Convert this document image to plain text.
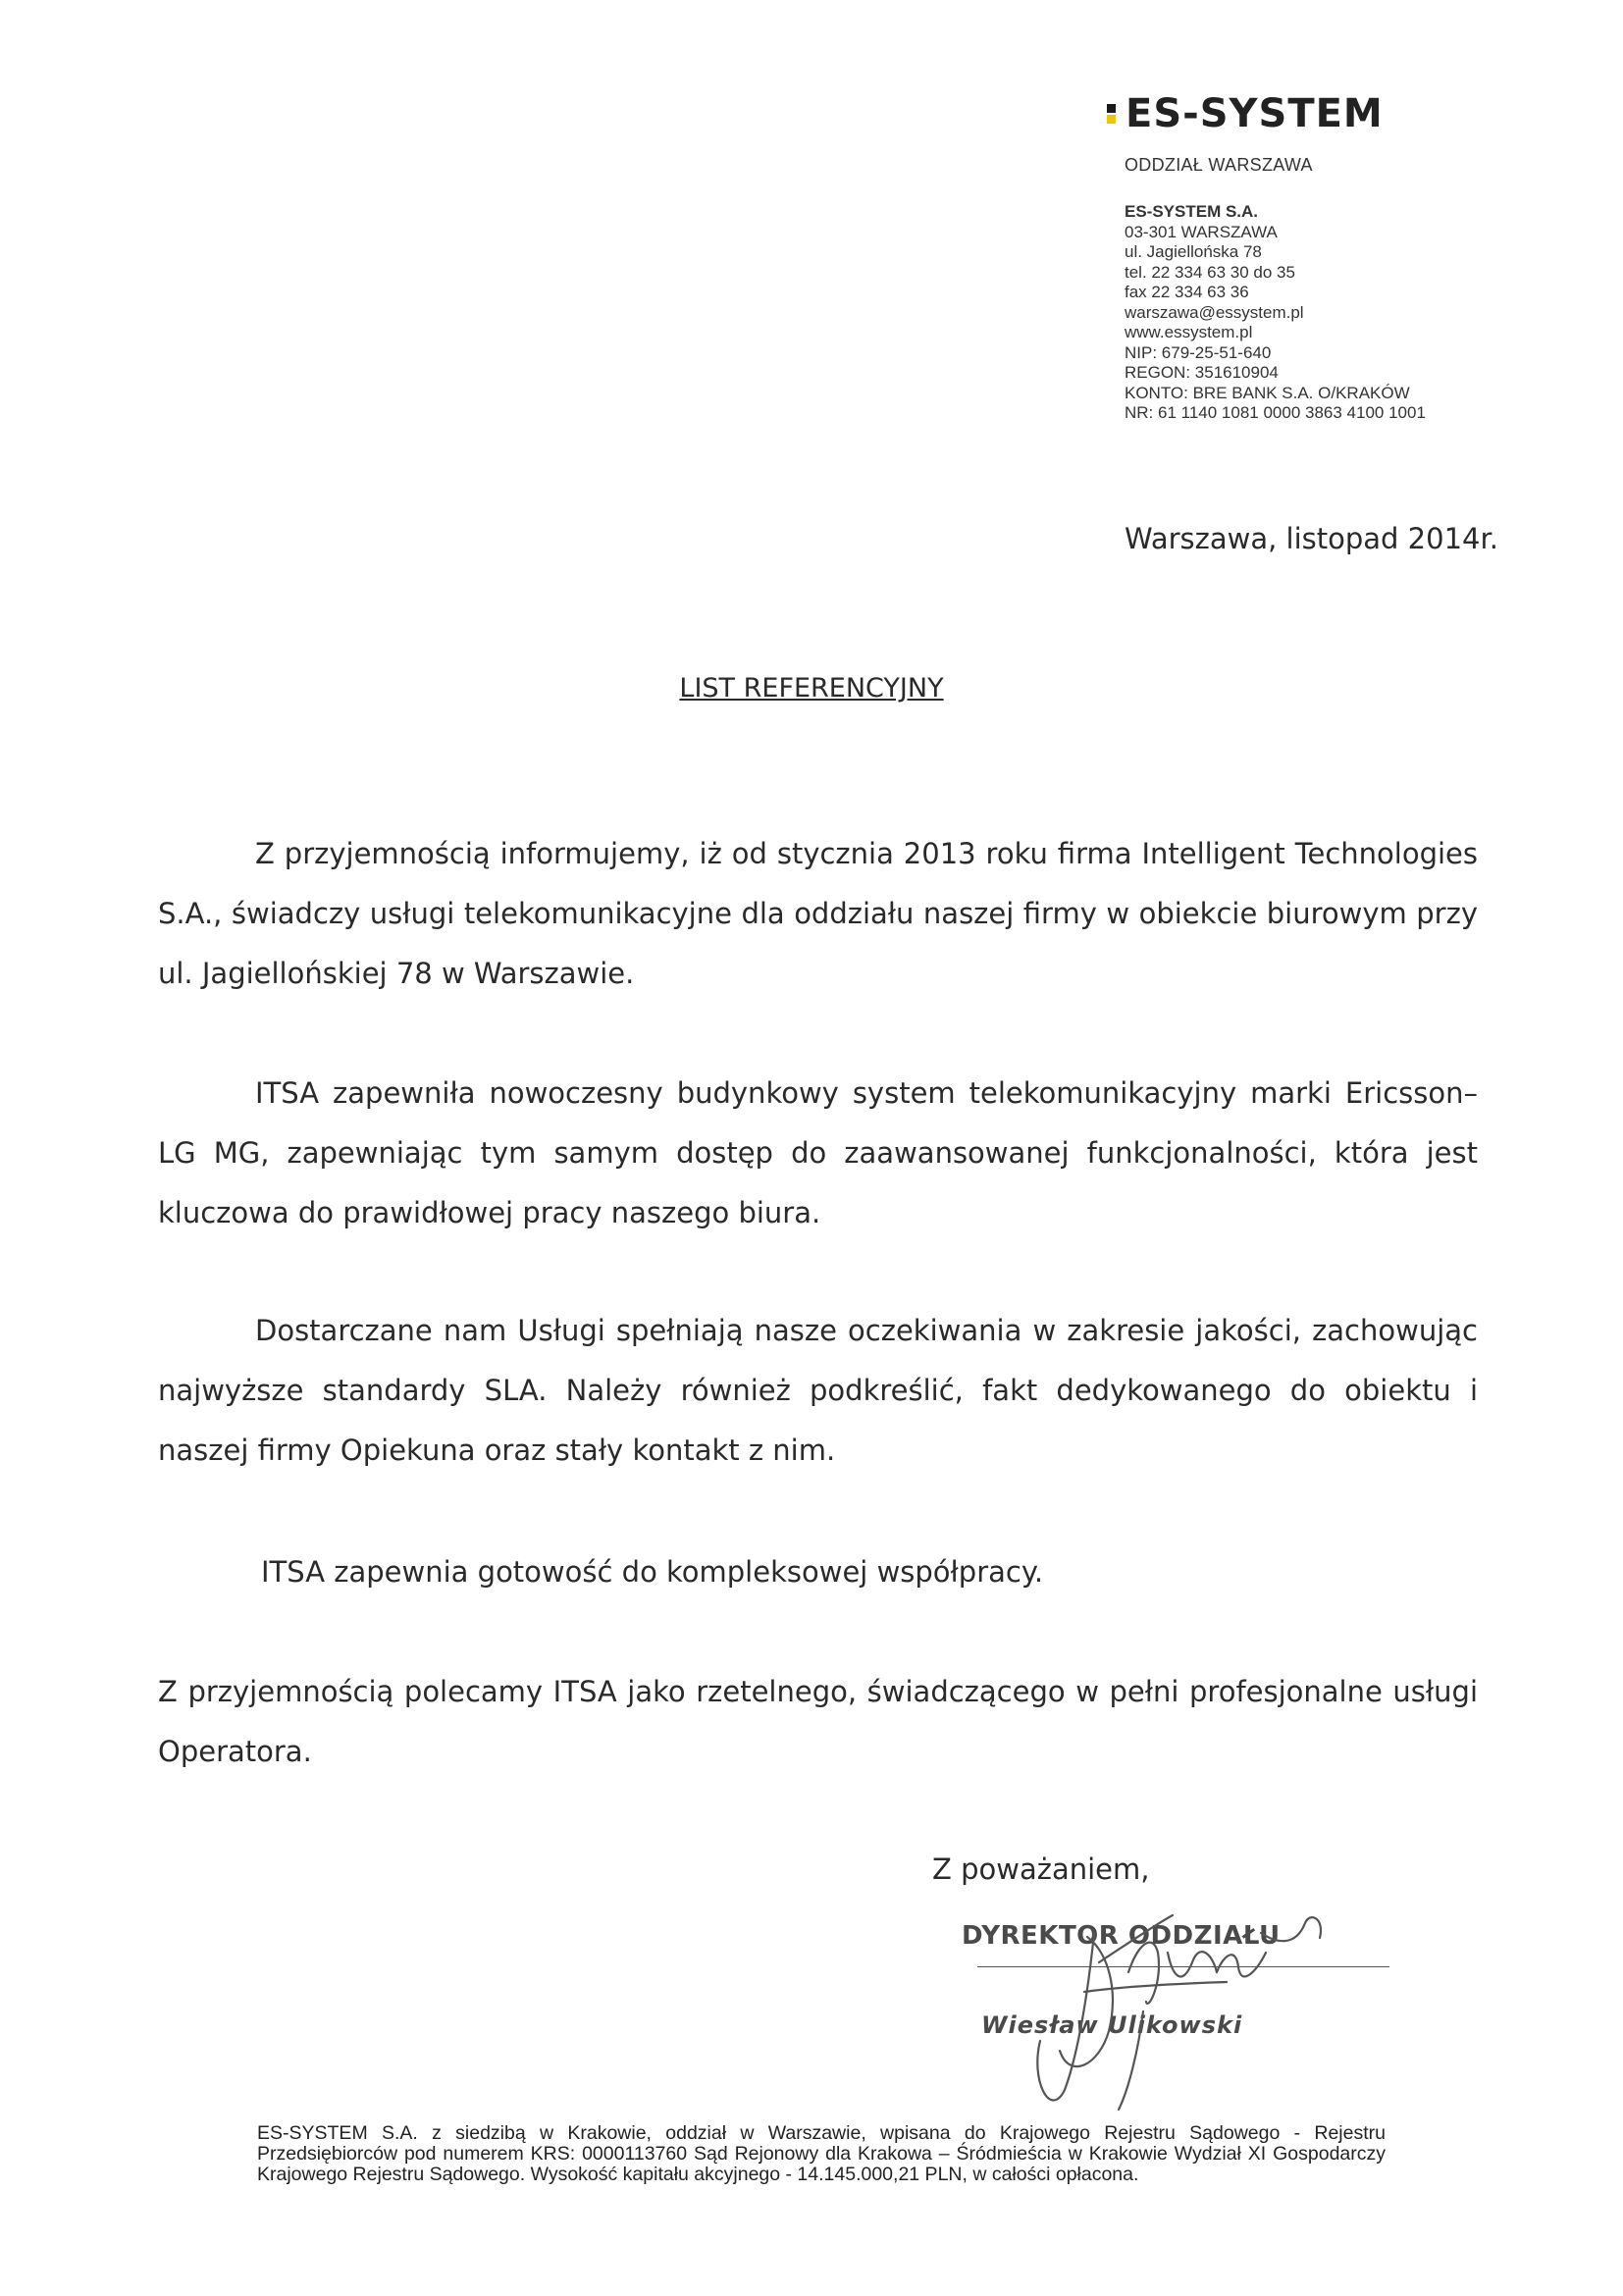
ES-SYSTEM
ODDZIAŁ WARSZAWA
ES-SYSTEM S.A.
03-301 WARSZAWA
ul. Jagiellońska 78
tel. 22 334 63 30 do 35
fax 22 334 63 36
warszawa@essystem.pl
www.essystem.pl
NIP: 679-25-51-640
REGON: 351610904
KONTO: BRE BANK S.A. O/KRAKÓW
NR: 61 1140 1081 0000 3863 4100 1001
Warszawa, listopad 2014r.
LIST REFERENCYJNY
Z przyjemnością informujemy, iż od stycznia 2013 roku firma Intelligent Technologies S.A., świadczy usługi telekomunikacyjne dla oddziału naszej firmy w obiekcie biurowym przy ul. Jagiellońskiej 78 w Warszawie.
ITSA zapewniła nowoczesny budynkowy system telekomunikacyjny marki Ericsson–LG MG, zapewniając tym samym dostęp do zaawansowanej funkcjonalności, która jest kluczowa do prawidłowej pracy naszego biura.
Dostarczane nam Usługi spełniają nasze oczekiwania w zakresie jakości, zachowując najwyższe standardy SLA. Należy również podkreślić, fakt dedykowanego do obiektu i naszej firmy Opiekuna oraz stały kontakt z nim.
ITSA zapewnia gotowość do kompleksowej współpracy.
Z przyjemnością polecamy ITSA jako rzetelnego, świadczącego w pełni profesjonalne usługi Operatora.
Z poważaniem,
DYREKTOR ODDZIAŁU
Wiesław Ulikowski
ES-SYSTEM S.A. z siedzibą w Krakowie, oddział w Warszawie, wpisana do Krajowego Rejestru Sądowego - Rejestru Przedsiębiorców pod numerem KRS: 0000113760 Sąd Rejonowy dla Krakowa – Śródmieścia w Krakowie Wydział XI Gospodarczy Krajowego Rejestru Sądowego. Wysokość kapitału akcyjnego - 14.145.000,21 PLN, w całości opłacona.
